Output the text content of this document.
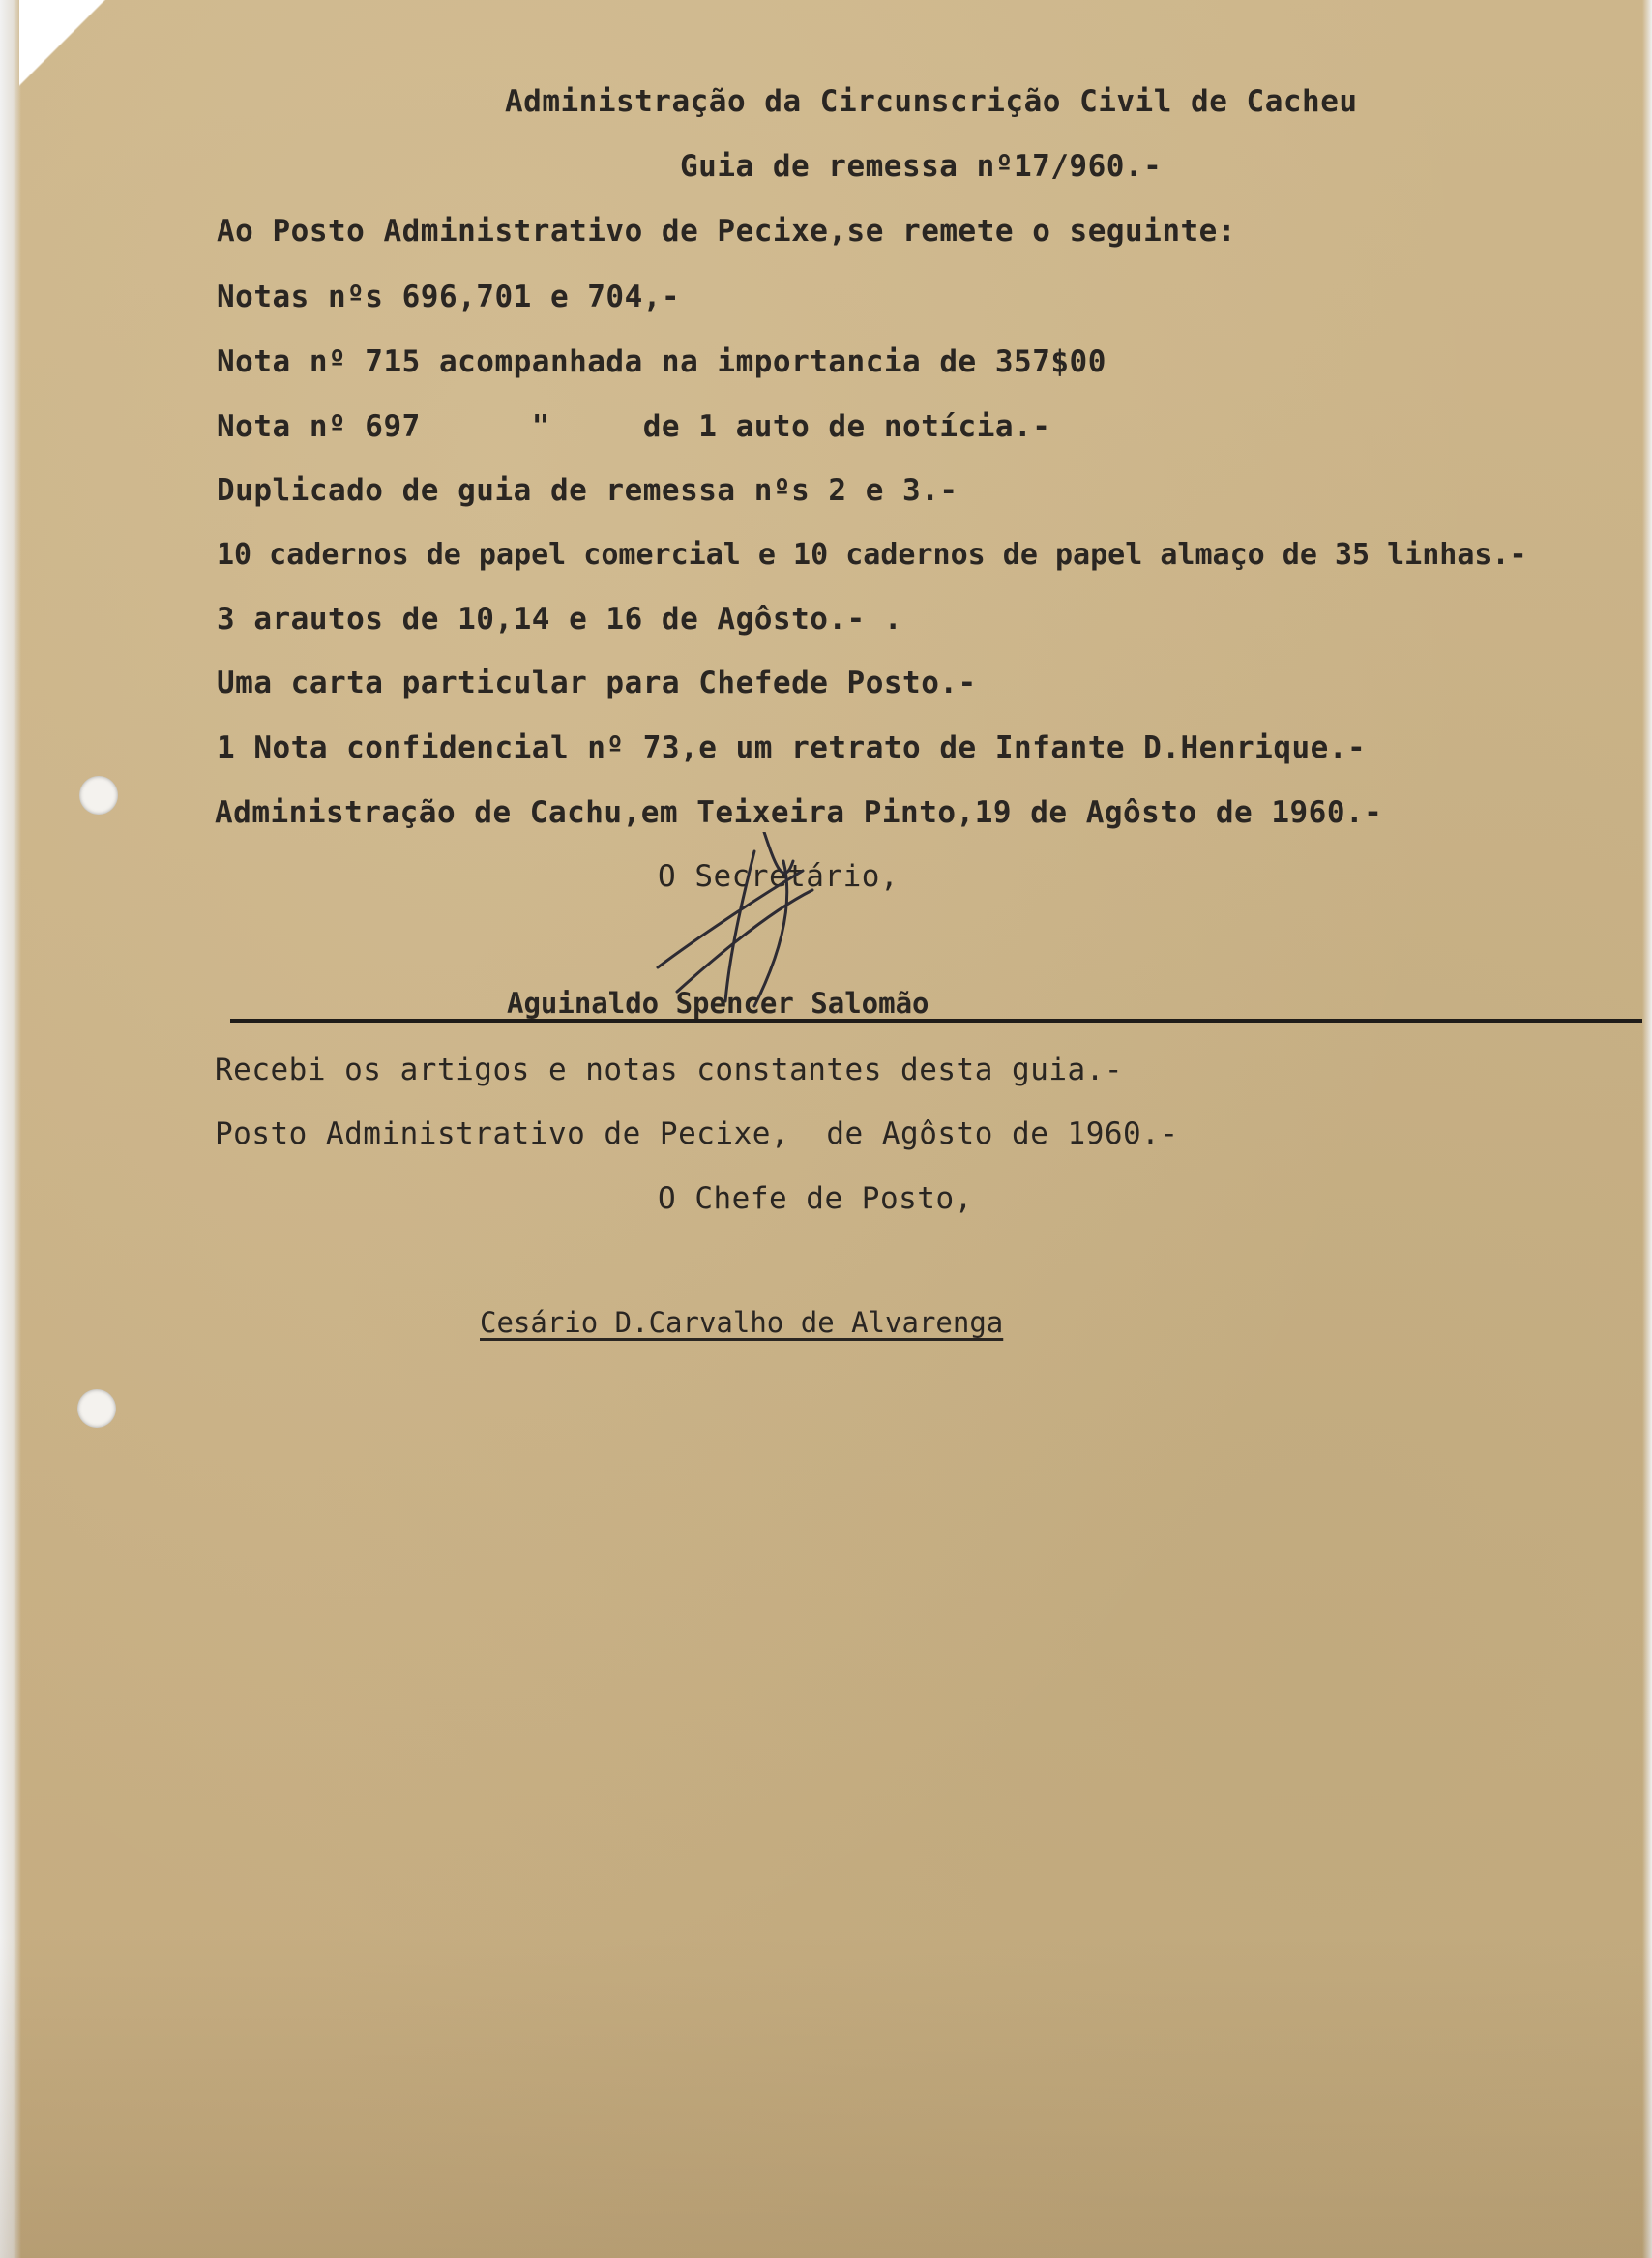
Administração da Circunscrição Civil de Cacheu
Guia de remessa nº17/960.-
Ao Posto Administrativo de Pecixe,se remete o seguinte:
Notas nºs 696,701 e 704,-
Nota nº 715 acompanhada na importancia de 357$00
Nota nº 697      "     de 1 auto de notícia.-
Duplicado de guia de remessa nºs 2 e 3.-
10 cadernos de papel comercial e 10 cadernos de papel almaço de 35 linhas.-
3 arautos de 10,14 e 16 de Agôsto.- .
Uma carta particular para Chefede Posto.-
1 Nota confidencial nº 73,e um retrato de Infante D.Henrique.-
Administração de Cachu,em Teixeira Pinto,19 de Agôsto de 1960.-
O Secretário,
Aguinaldo Spencer Salomão
Recebi os artigos e notas constantes desta guia.-
Posto Administrativo de Pecixe,  de Agôsto de 1960.-
O Chefe de Posto,
Cesário D.Carvalho de Alvarenga
